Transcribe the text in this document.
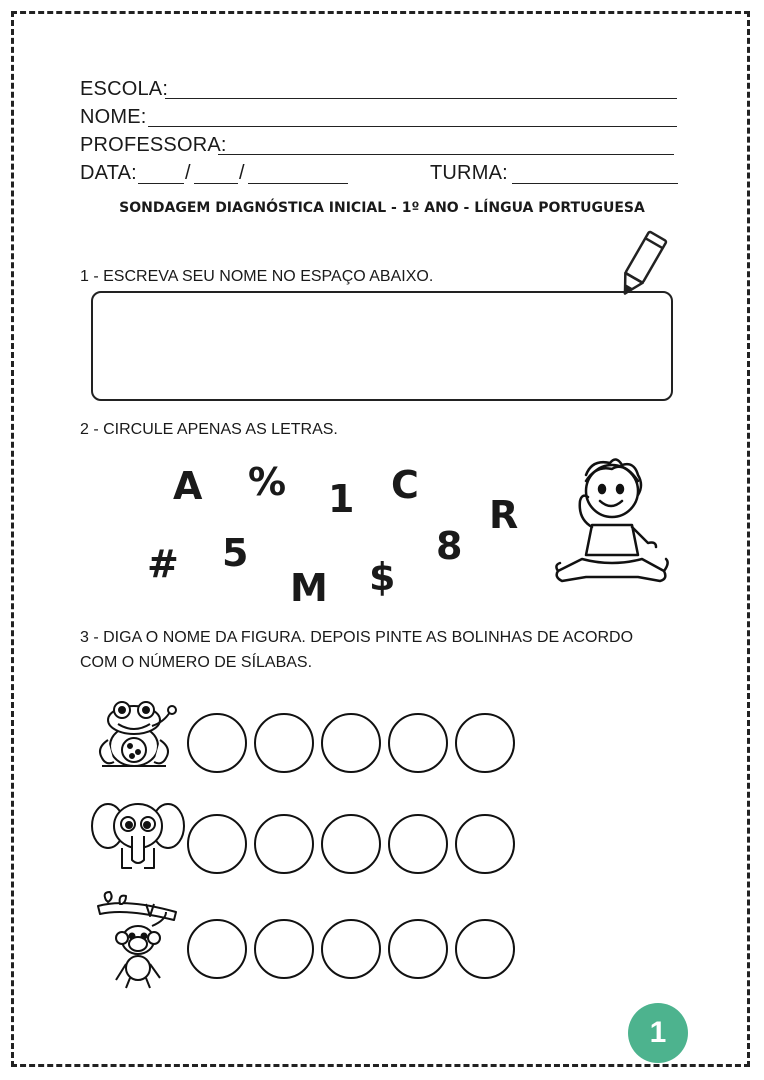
ESCOLA:
NOME:
PROFESSORA:
DATA: / /	TURMA:
SONDAGEM DIAGNÓSTICA INICIAL - 1º ANO - LÍNGUA PORTUGUESA
1 - ESCREVA SEU NOME NO ESPAÇO ABAIXO.
2 - CIRCULE APENAS AS LETRAS.
A % 1 C
R
# 5
M $
8
3 - DIGA O NOME DA FIGURA. DEPOIS PINTE AS BOLINHAS DE ACORDO
COM O NÚMERO DE SÍLABAS.
1
